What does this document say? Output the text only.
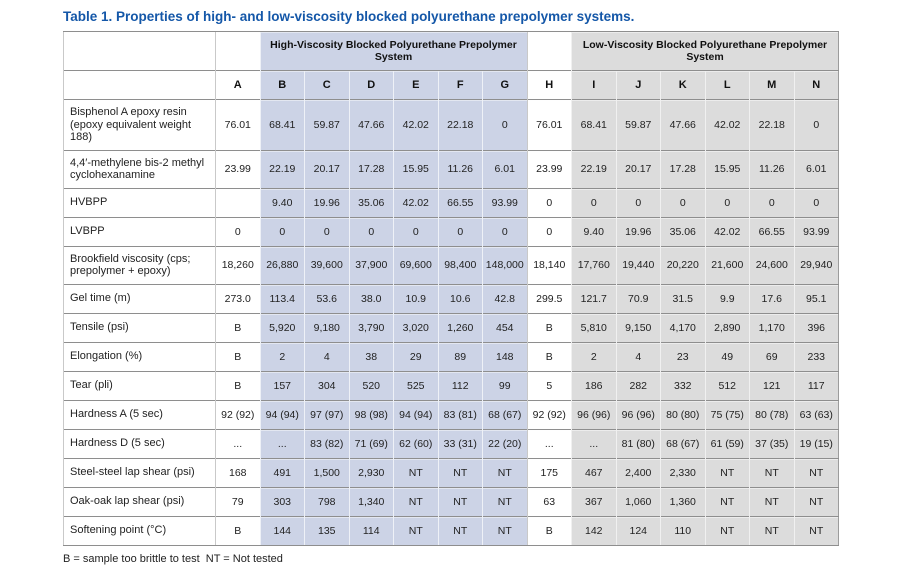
Table 1. Properties of high- and low-viscosity blocked polyurethane prepolymer systems.
		High-Viscosity Blocked Polyurethane Prepolymer System							Low-Viscosity Blocked Polyurethane Prepolymer System					
	A	B	C	D	E	F	G	H	I	J	K	L	M	N
Bisphenol A epoxy resin (epoxy equivalent weight 188)	76.01	68.41	59.87	47.66	42.02	22.18	0	76.01	68.41	59.87	47.66	42.02	22.18	0
4,4′-methylene bis-2 methyl cyclohexanamine	23.99	22.19	20.17	17.28	15.95	11.26	6.01	23.99	22.19	20.17	17.28	15.95	11.26	6.01
HVBPP		9.40	19.96	35.06	42.02	66.55	93.99	0	0	0	0	0	0	0
LVBPP	0	0	0	0	0	0	0	0	9.40	19.96	35.06	42.02	66.55	93.99
Brookfield viscosity (cps; prepolymer + epoxy)	18,260	26,880	39,600	37,900	69,600	98,400	148,000	18,140	17,760	19,440	20,220	21,600	24,600	29,940
Gel time (m)	273.0	113.4	53.6	38.0	10.9	10.6	42.8	299.5	121.7	70.9	31.5	9.9	17.6	95.1
Tensile (psi)	B	5,920	9,180	3,790	3,020	1,260	454	B	5,810	9,150	4,170	2,890	1,170	396
Elongation (%)	B	2	4	38	29	89	148	B	2	4	23	49	69	233
Tear (pli)	B	157	304	520	525	112	99	5	186	282	332	512	121	117
Hardness A (5 sec)	92 (92)	94 (94)	97 (97)	98 (98)	94 (94)	83 (81)	68 (67)	92 (92)	96 (96)	96 (96)	80 (80)	75 (75)	80 (78)	63 (63)
Hardness D (5 sec)	...	...	83 (82)	71 (69)	62 (60)	33 (31)	22 (20)	...	...	81 (80)	68 (67)	61 (59)	37 (35)	19 (15)
Steel-steel lap shear (psi)	168	491	1,500	2,930	NT	NT	NT	175	467	2,400	2,330	NT	NT	NT
Oak-oak lap shear (psi)	79	303	798	1,340	NT	NT	NT	63	367	1,060	1,360	NT	NT	NT
Softening point (°C)	B	144	135	114	NT	NT	NT	B	142	124	110	NT	NT	NT

B = sample too brittle to test  NT = Not tested
